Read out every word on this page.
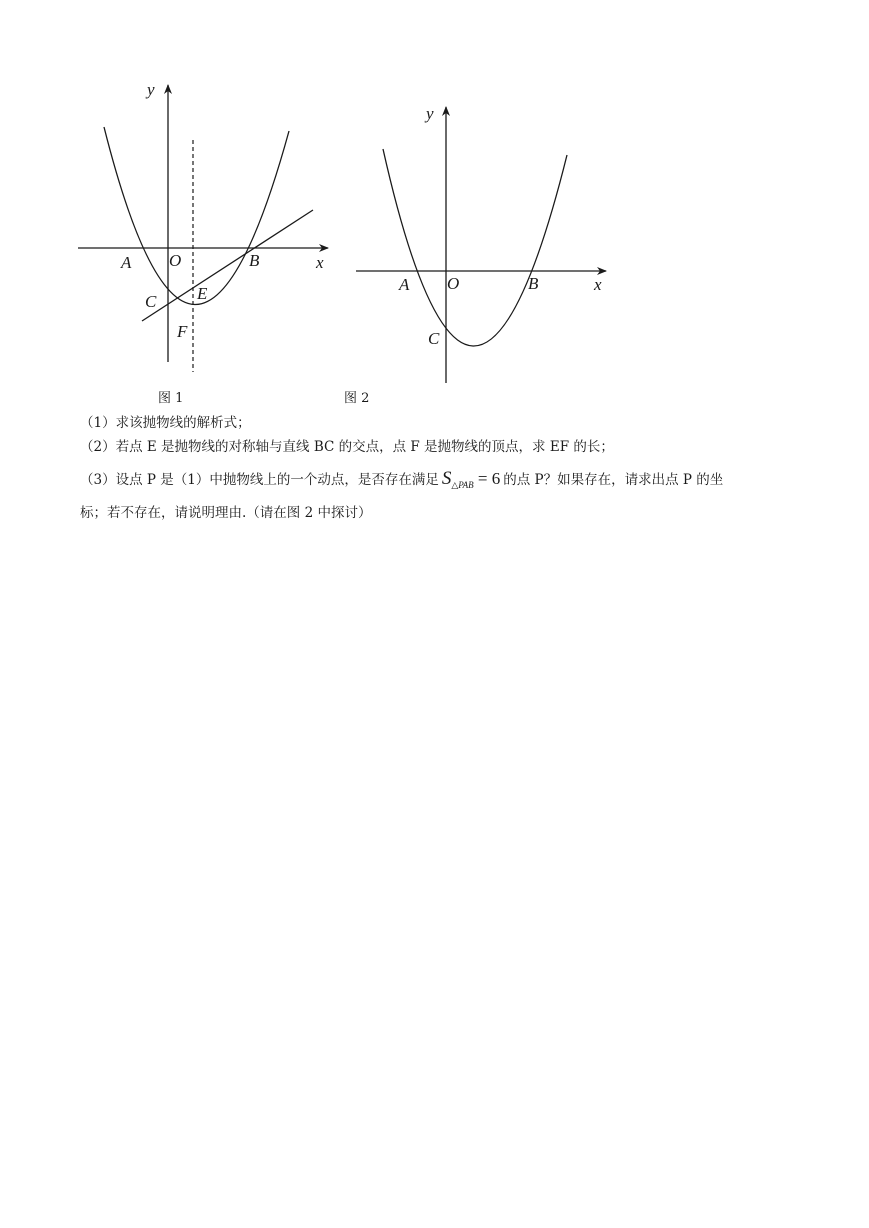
y
x
A O	B
C E
F
y
x
A O	B
C
图 1	图 2
（1）求该抛物线的解析式；
（2）若点 E 是抛物线的对称轴与直线 BC 的交点，点 F 是抛物线的顶点，求 EF 的长；
（3）设点 P 是（1）中抛物线上的一个动点，是否存在满足 $S_{\triangle PAB} = 6$ 的点 P？如果存在，请求出点 P 的坐
标；若不存在，请说明理由.（请在图 2 中探讨）
